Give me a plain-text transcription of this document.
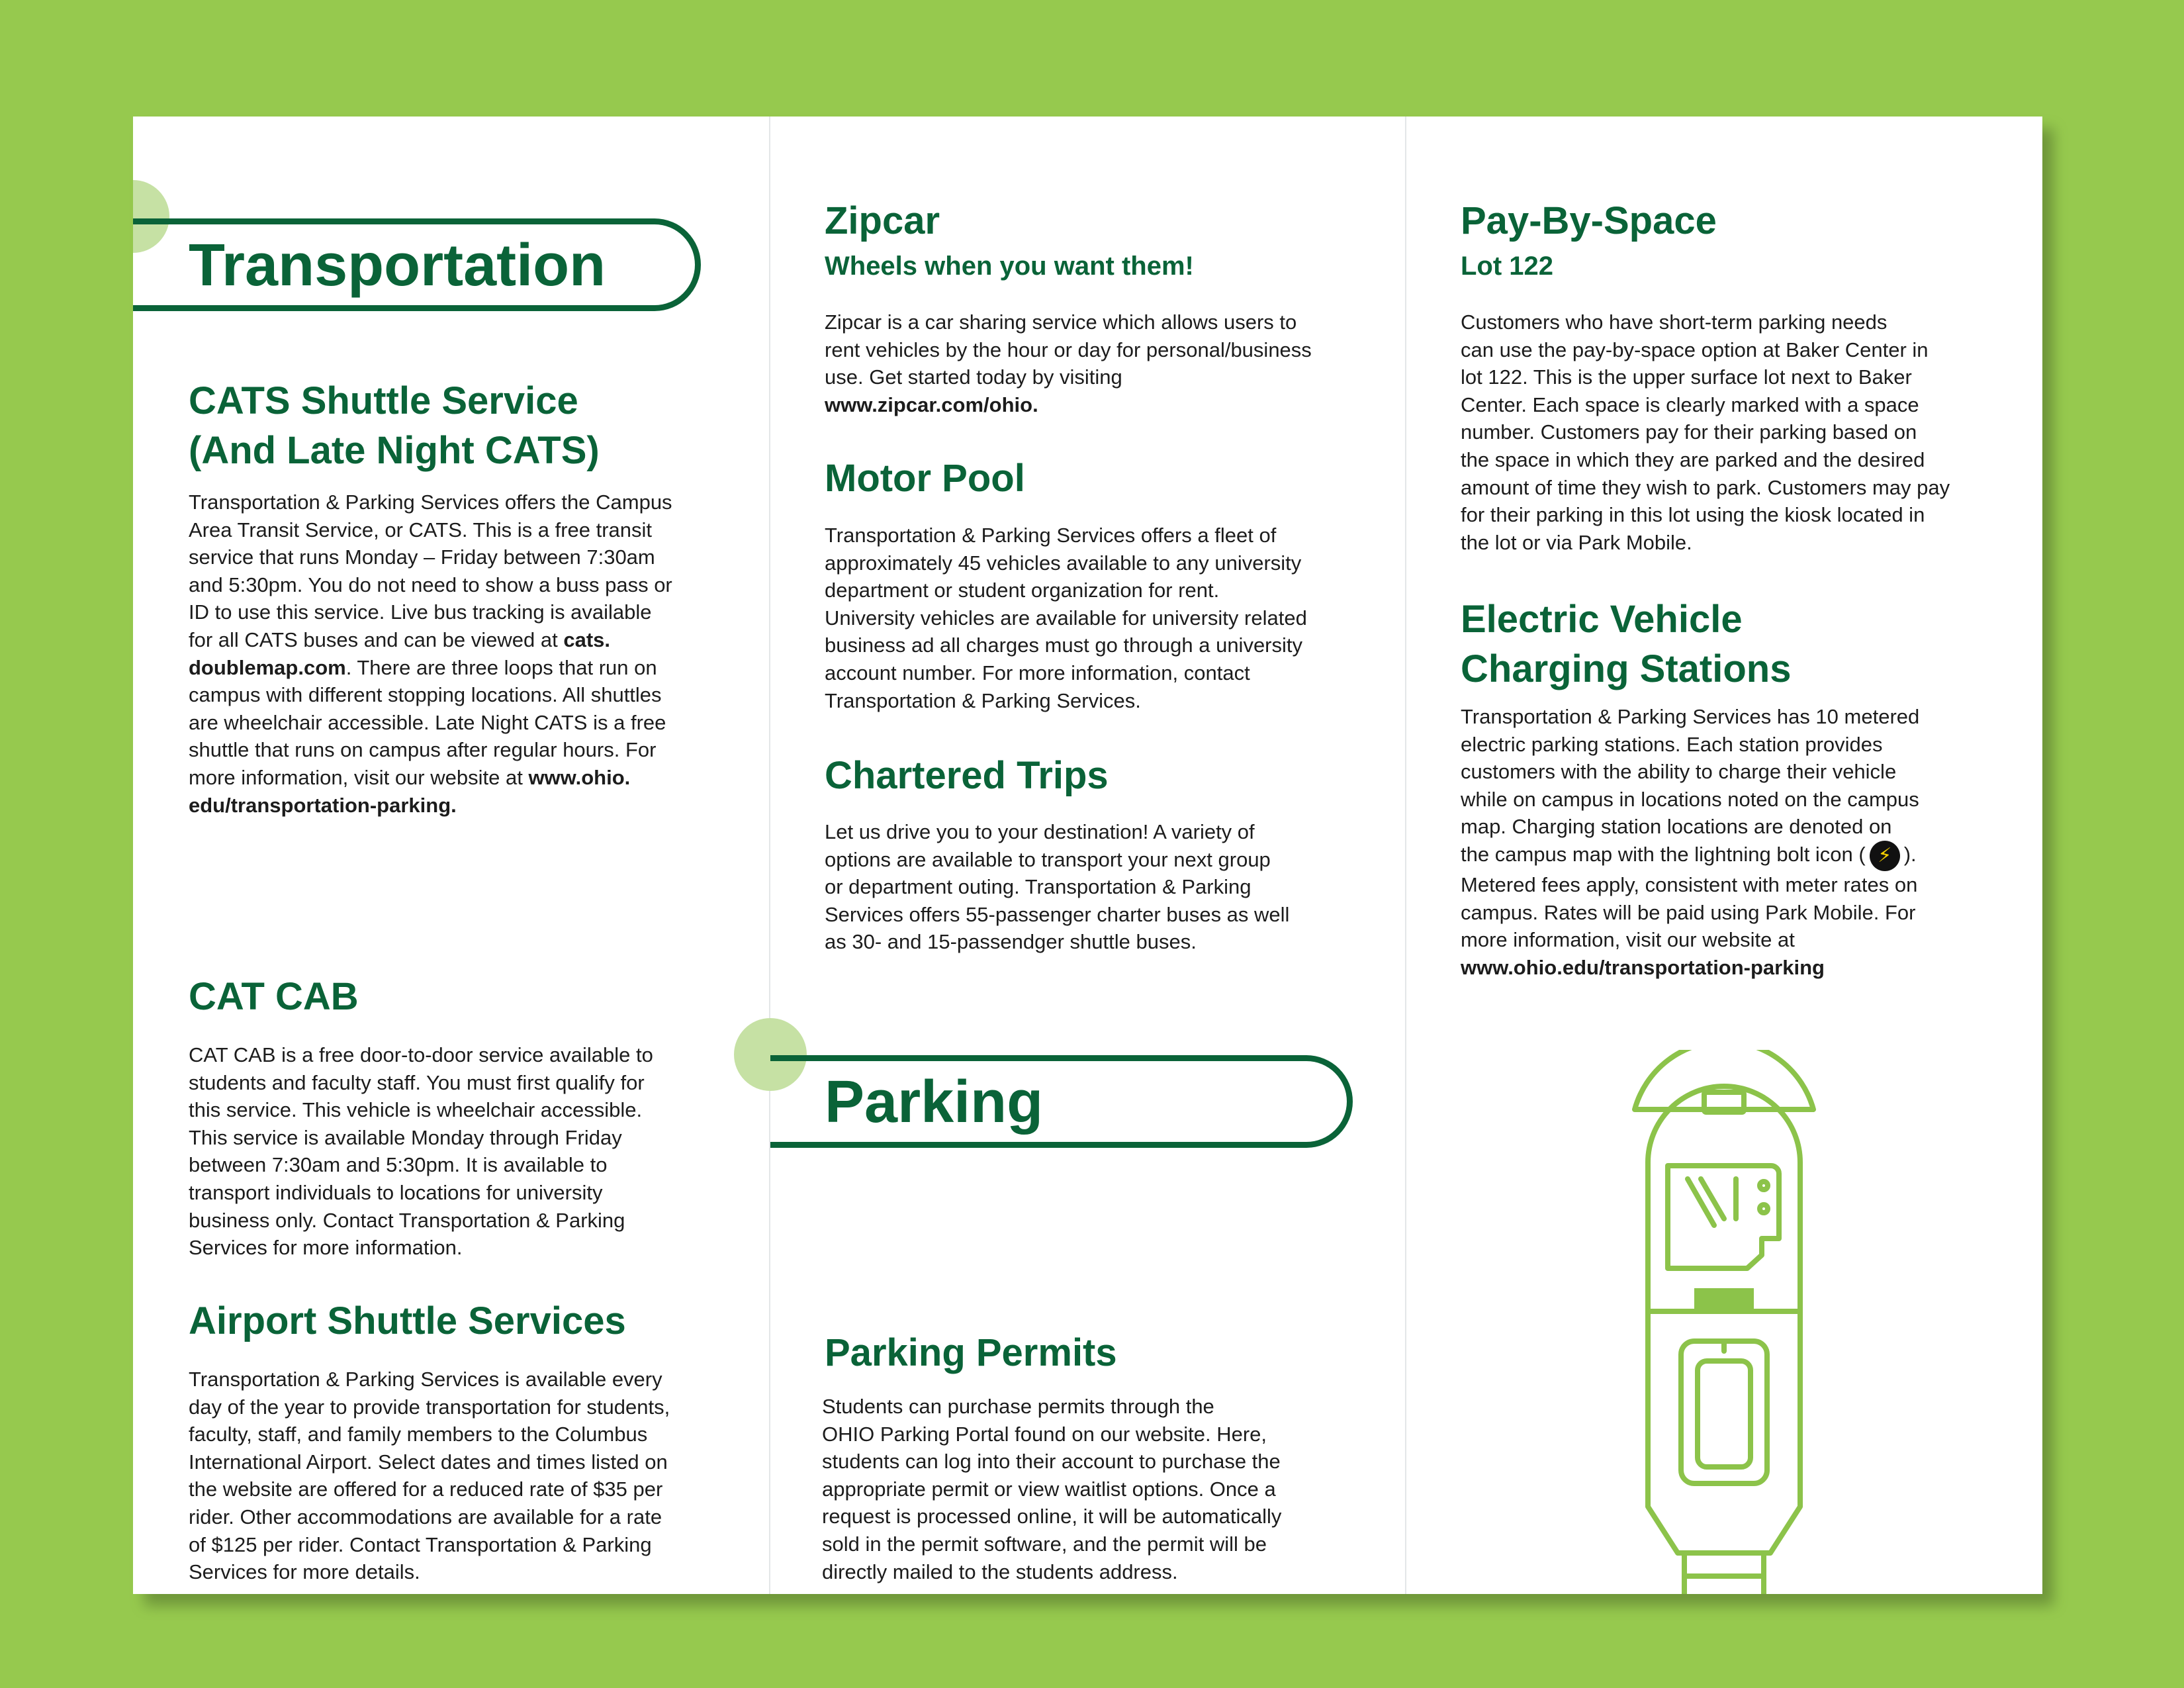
Transportation
CATS Shuttle Service
(And Late Night CATS)

Transportation & Parking Services offers the Campus
Area Transit Service, or CATS. This is a free transit
service that runs Monday – Friday between 7:30am
and 5:30pm. You do not need to show a buss pass or
ID to use this service. Live bus tracking is available
for all CATS buses and can be viewed at cats.
doublemap.com. There are three loops that run on
campus with different stopping locations. All shuttles
are wheelchair accessible. Late Night CATS is a free
shuttle that runs on campus after regular hours. For
more information, visit our website at www.ohio.
edu/transportation-parking.

CAT CAB

CAT CAB is a free door-to-door service available to
students and faculty staff. You must first qualify for
this service. This vehicle is wheelchair accessible.
This service is available Monday through Friday
between 7:30am and 5:30pm. It is available to
transport individuals to locations for university
business only. Contact Transportation & Parking
Services for more information.

Airport Shuttle Services

Transportation & Parking Services is available every
day of the year to provide transportation for students,
faculty, staff, and family members to the Columbus
International Airport. Select dates and times listed on
the website are offered for a reduced rate of $35 per
rider. Other accommodations are available for a rate
of $125 per rider. Contact Transportation & Parking
Services for more details.

Zipcar
Wheels when you want them!

Zipcar is a car sharing service which allows users to
rent vehicles by the hour or day for personal/business
use. Get started today by visiting
www.zipcar.com/ohio.

Motor Pool

Transportation & Parking Services offers a fleet of
approximately 45 vehicles available to any university
department or student organization for rent.
University vehicles are available for university related
business ad all charges must go through a university
account number. For more information, contact
Transportation & Parking Services.

Chartered Trips

Let us drive you to your destination! A variety of
options are available to transport your next group
or department outing. Transportation & Parking
Services offers 55-passenger charter buses as well
as 30- and 15-passendger shuttle buses.

Parking
Parking Permits

Students can purchase permits through the
OHIO Parking Portal found on our website. Here,
students can log into their account to purchase the
appropriate permit or view waitlist options. Once a
request is processed online, it will be automatically
sold in the permit software, and the permit will be
directly mailed to the students address.

Pay-By-Space
Lot 122

Customers who have short-term parking needs
can use the pay-by-space option at Baker Center in
lot 122. This is the upper surface lot next to Baker
Center. Each space is clearly marked with a space
number. Customers pay for their parking based on
the space in which they are parked and the desired
amount of time they wish to park. Customers may pay
for their parking in this lot using the kiosk located in
the lot or via Park Mobile.

Electric Vehicle
Charging Stations

Transportation & Parking Services has 10 metered
electric parking stations. Each station provides
customers with the ability to charge their vehicle
while on campus in locations noted on the campus
map. Charging station locations are denoted on
the campus map with the lightning bolt icon ( ⚡ ).
Metered fees apply, consistent with meter rates on
campus. Rates will be paid using Park Mobile. For
more information, visit our website at
www.ohio.edu/transportation-parking
